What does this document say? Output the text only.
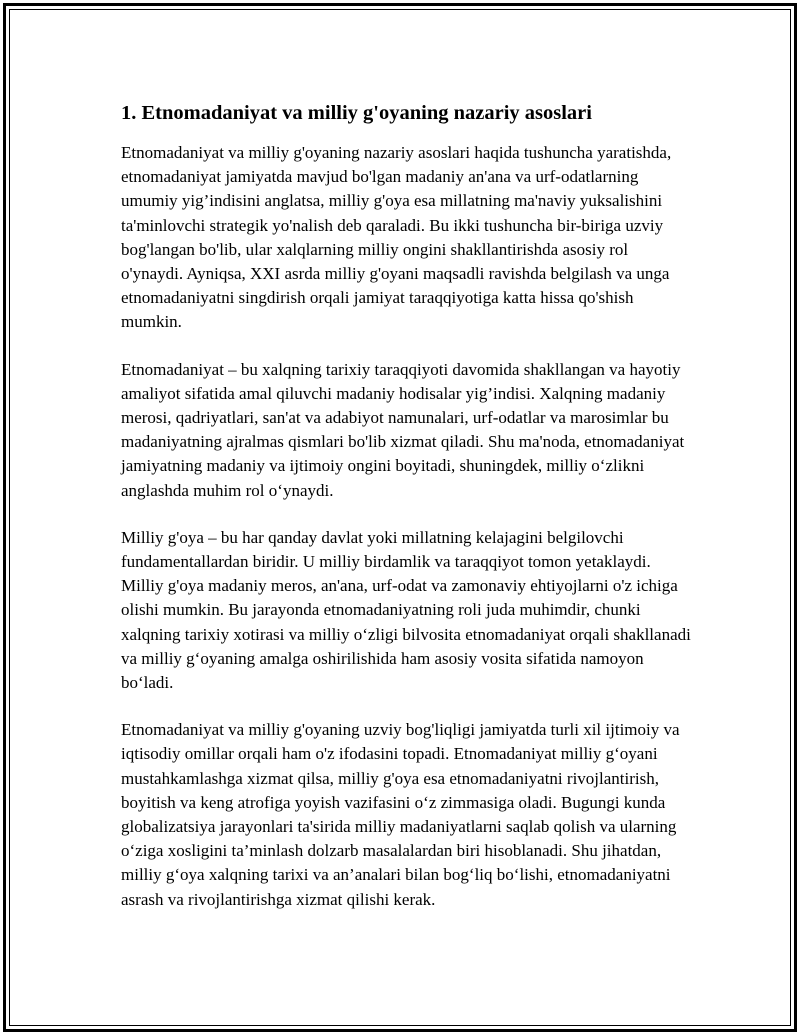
1. Etnomadaniyat va milliy g'oyaning nazariy asoslari

Etnomadaniyat va milliy g'oyaning nazariy asoslari haqida tushuncha yaratishda, etnomadaniyat jamiyatda mavjud bo'lgan madaniy an'ana va urf-odatlarning umumiy yig’indisini anglatsa, milliy g'oya esa millatning ma'naviy yuksalishini ta'minlovchi strategik yo'nalish deb qaraladi. Bu ikki tushuncha bir-biriga uzviy bog'langan bo'lib, ular xalqlarning milliy ongini shakllantirishda asosiy rol o'ynaydi. Ayniqsa, XXI asrda milliy g'oyani maqsadli ravishda belgilash va unga etnomadaniyatni singdirish orqali jamiyat taraqqiyotiga katta hissa qo'shish mumkin.

Etnomadaniyat – bu xalqning tarixiy taraqqiyoti davomida shakllangan va hayotiy amaliyot sifatida amal qiluvchi madaniy hodisalar yig’indisi. Xalqning madaniy merosi, qadriyatlari, san'at va adabiyot namunalari, urf-odatlar va marosimlar bu madaniyatning ajralmas qismlari bo'lib xizmat qiladi. Shu ma'noda, etnomadaniyat jamiyatning madaniy va ijtimoiy ongini boyitadi, shuningdek, milliy o‘zlikni anglashda muhim rol o‘ynaydi.

Milliy g'oya – bu har qanday davlat yoki millatning kelajagini belgilovchi fundamentallardan biridir. U milliy birdamlik va taraqqiyot tomon yetaklaydi. Milliy g'oya madaniy meros, an'ana, urf-odat va zamonaviy ehtiyojlarni o'z ichiga olishi mumkin. Bu jarayonda etnomadaniyatning roli juda muhimdir, chunki xalqning tarixiy xotirasi va milliy o‘zligi bilvosita etnomadaniyat orqali shakllanadi va milliy g‘oyaning amalga oshirilishida ham asosiy vosita sifatida namoyon bo‘ladi.

Etnomadaniyat va milliy g'oyaning uzviy bog'liqligi jamiyatda turli xil ijtimoiy va iqtisodiy omillar orqali ham o'z ifodasini topadi. Etnomadaniyat milliy g‘oyani mustahkamlashga xizmat qilsa, milliy g'oya esa etnomadaniyatni rivojlantirish, boyitish va keng atrofiga yoyish vazifasini o‘z zimmasiga oladi. Bugungi kunda globalizatsiya jarayonlari ta'sirida milliy madaniyatlarni saqlab qolish va ularning o‘ziga xosligini ta’minlash dolzarb masalalardan biri hisoblanadi. Shu jihatdan, milliy g‘oya xalqning tarixi va an’analari bilan bog‘liq bo‘lishi, etnomadaniyatni asrash va rivojlantirishga xizmat qilishi kerak.
